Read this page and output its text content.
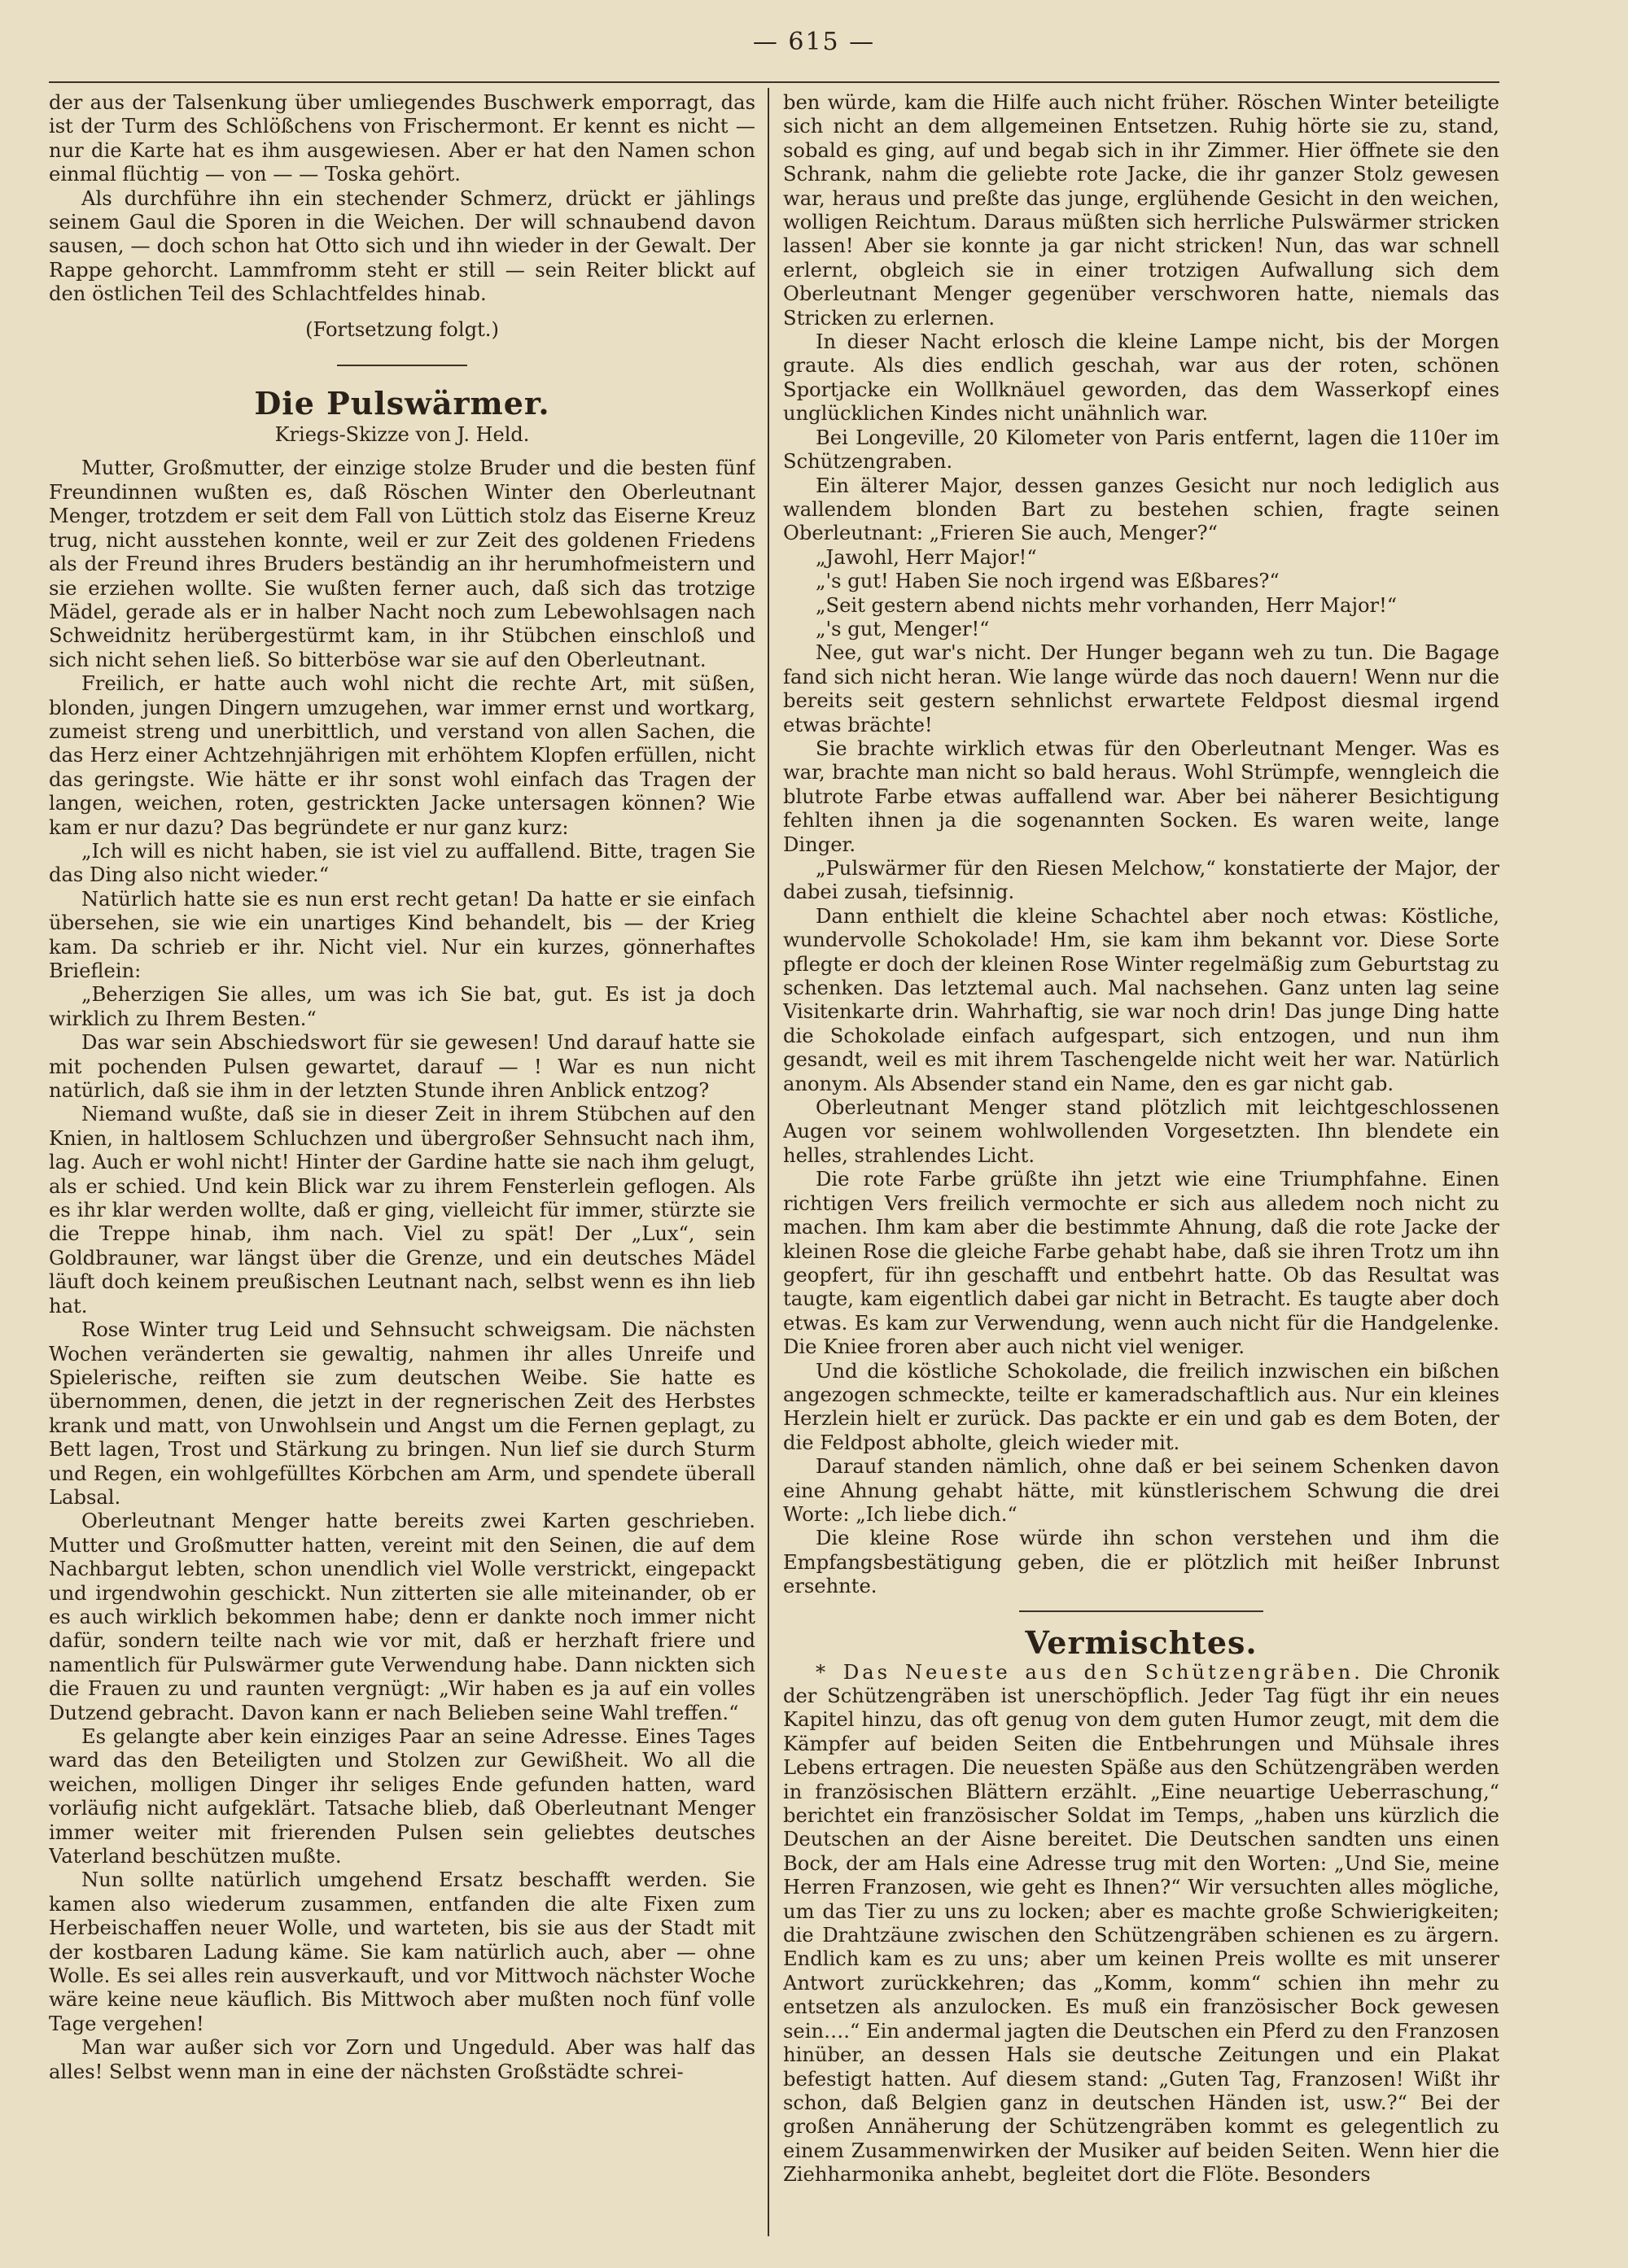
— 615 —

der aus der Talsenkung über umliegendes Buschwerk emporragt, das ist der Turm des Schlößchens von Frischermont. Er kennt es nicht — nur die Karte hat es ihm ausgewiesen. Aber er hat den Namen schon einmal flüchtig — von — — Toska gehört.

Als durchführe ihn ein stechender Schmerz, drückt er jählings seinem Gaul die Sporen in die Weichen. Der will schnaubend davon sausen, — doch schon hat Otto sich und ihn wieder in der Gewalt. Der Rappe gehorcht. Lammfromm steht er still — sein Reiter blickt auf den östlichen Teil des Schlachtfeldes hinab.

(Fortsetzung folgt.)

Die Pulswärmer.

Kriegs-Skizze von J. Held.

Mutter, Großmutter, der einzige stolze Bruder und die besten fünf Freundinnen wußten es, daß Röschen Winter den Oberleutnant Menger, trotzdem er seit dem Fall von Lüttich stolz das Eiserne Kreuz trug, nicht ausstehen konnte, weil er zur Zeit des goldenen Friedens als der Freund ihres Bruders beständig an ihr herumhofmeistern und sie erziehen wollte. Sie wußten ferner auch, daß sich das trotzige Mädel, gerade als er in halber Nacht noch zum Lebewohlsagen nach Schweidnitz herübergestürmt kam, in ihr Stübchen einschloß und sich nicht sehen ließ. So bitterböse war sie auf den Oberleutnant.

Freilich, er hatte auch wohl nicht die rechte Art, mit süßen, blonden, jungen Dingern umzugehen, war immer ernst und wortkarg, zumeist streng und unerbittlich, und verstand von allen Sachen, die das Herz einer Achtzehnjährigen mit erhöhtem Klopfen erfüllen, nicht das geringste. Wie hätte er ihr sonst wohl einfach das Tragen der langen, weichen, roten, gestrickten Jacke untersagen können? Wie kam er nur dazu? Das begründete er nur ganz kurz:

„Ich will es nicht haben, sie ist viel zu auffallend. Bitte, tragen Sie das Ding also nicht wieder.“

Natürlich hatte sie es nun erst recht getan! Da hatte er sie einfach übersehen, sie wie ein unartiges Kind behandelt, bis — der Krieg kam. Da schrieb er ihr. Nicht viel. Nur ein kurzes, gönnerhaftes Brieflein:

„Beherzigen Sie alles, um was ich Sie bat, gut. Es ist ja doch wirklich zu Ihrem Besten.“

Das war sein Abschiedswort für sie gewesen! Und darauf hatte sie mit pochenden Pulsen gewartet, darauf — ! War es nun nicht natürlich, daß sie ihm in der letzten Stunde ihren Anblick entzog?

Niemand wußte, daß sie in dieser Zeit in ihrem Stübchen auf den Knien, in haltlosem Schluchzen und übergroßer Sehnsucht nach ihm, lag. Auch er wohl nicht! Hinter der Gardine hatte sie nach ihm gelugt, als er schied. Und kein Blick war zu ihrem Fensterlein geflogen. Als es ihr klar werden wollte, daß er ging, vielleicht für immer, stürzte sie die Treppe hinab, ihm nach. Viel zu spät! Der „Lux“, sein Goldbrauner, war längst über die Grenze, und ein deutsches Mädel läuft doch keinem preußischen Leutnant nach, selbst wenn es ihn lieb hat.

Rose Winter trug Leid und Sehnsucht schweigsam. Die nächsten Wochen veränderten sie gewaltig, nahmen ihr alles Unreife und Spielerische, reiften sie zum deutschen Weibe. Sie hatte es übernommen, denen, die jetzt in der regnerischen Zeit des Herbstes krank und matt, von Unwohlsein und Angst um die Fernen geplagt, zu Bett lagen, Trost und Stärkung zu bringen. Nun lief sie durch Sturm und Regen, ein wohlgefülltes Körbchen am Arm, und spendete überall Labsal.

Oberleutnant Menger hatte bereits zwei Karten geschrieben. Mutter und Großmutter hatten, vereint mit den Seinen, die auf dem Nachbargut lebten, schon unendlich viel Wolle verstrickt, eingepackt und irgendwohin geschickt. Nun zitterten sie alle miteinander, ob er es auch wirklich bekommen habe; denn er dankte noch immer nicht dafür, sondern teilte nach wie vor mit, daß er herzhaft friere und namentlich für Pulswärmer gute Verwendung habe. Dann nickten sich die Frauen zu und raunten vergnügt: „Wir haben es ja auf ein volles Dutzend gebracht. Davon kann er nach Belieben seine Wahl treffen.“

Es gelangte aber kein einziges Paar an seine Adresse. Eines Tages ward das den Beteiligten und Stolzen zur Gewißheit. Wo all die weichen, molligen Dinger ihr seliges Ende gefunden hatten, ward vorläufig nicht aufgeklärt. Tatsache blieb, daß Oberleutnant Menger immer weiter mit frierenden Pulsen sein geliebtes deutsches Vaterland beschützen mußte.

Nun sollte natürlich umgehend Ersatz beschafft werden. Sie kamen also wiederum zusammen, entfanden die alte Fixen zum Herbeischaffen neuer Wolle, und warteten, bis sie aus der Stadt mit der kostbaren Ladung käme. Sie kam natürlich auch, aber — ohne Wolle. Es sei alles rein ausverkauft, und vor Mittwoch nächster Woche wäre keine neue käuflich. Bis Mittwoch aber mußten noch fünf volle Tage vergehen!

Man war außer sich vor Zorn und Ungeduld. Aber was half das alles! Selbst wenn man in eine der nächsten Großstädte schrei-

ben würde, kam die Hilfe auch nicht früher. Röschen Winter beteiligte sich nicht an dem allgemeinen Entsetzen. Ruhig hörte sie zu, stand, sobald es ging, auf und begab sich in ihr Zimmer. Hier öffnete sie den Schrank, nahm die geliebte rote Jacke, die ihr ganzer Stolz gewesen war, heraus und preßte das junge, erglühende Gesicht in den weichen, wolligen Reichtum. Daraus müßten sich herrliche Pulswärmer stricken lassen! Aber sie konnte ja gar nicht stricken! Nun, das war schnell erlernt, obgleich sie in einer trotzigen Aufwallung sich dem Oberleutnant Menger gegenüber verschworen hatte, niemals das Stricken zu erlernen.

In dieser Nacht erlosch die kleine Lampe nicht, bis der Morgen graute. Als dies endlich geschah, war aus der roten, schönen Sportjacke ein Wollknäuel geworden, das dem Wasserkopf eines unglücklichen Kindes nicht unähnlich war.

Bei Longeville, 20 Kilometer von Paris entfernt, lagen die 110er im Schützengraben.

Ein älterer Major, dessen ganzes Gesicht nur noch lediglich aus wallendem blonden Bart zu bestehen schien, fragte seinen Oberleutnant: „Frieren Sie auch, Menger?“

„Jawohl, Herr Major!“

„'s gut! Haben Sie noch irgend was Eßbares?“

„Seit gestern abend nichts mehr vorhanden, Herr Major!“

„'s gut, Menger!“

Nee, gut war's nicht. Der Hunger begann weh zu tun. Die Bagage fand sich nicht heran. Wie lange würde das noch dauern! Wenn nur die bereits seit gestern sehnlichst erwartete Feldpost diesmal irgend etwas brächte!

Sie brachte wirklich etwas für den Oberleutnant Menger. Was es war, brachte man nicht so bald heraus. Wohl Strümpfe, wenngleich die blutrote Farbe etwas auffallend war. Aber bei näherer Besichtigung fehlten ihnen ja die sogenannten Socken. Es waren weite, lange Dinger.

„Pulswärmer für den Riesen Melchow,“ konstatierte der Major, der dabei zusah, tiefsinnig.

Dann enthielt die kleine Schachtel aber noch etwas: Köstliche, wundervolle Schokolade! Hm, sie kam ihm bekannt vor. Diese Sorte pflegte er doch der kleinen Rose Winter regelmäßig zum Geburtstag zu schenken. Das letztemal auch. Mal nachsehen. Ganz unten lag seine Visitenkarte drin. Wahrhaftig, sie war noch drin! Das junge Ding hatte die Schokolade einfach aufgespart, sich entzogen, und nun ihm gesandt, weil es mit ihrem Taschengelde nicht weit her war. Natürlich anonym. Als Absender stand ein Name, den es gar nicht gab.

Oberleutnant Menger stand plötzlich mit leichtgeschlossenen Augen vor seinem wohlwollenden Vorgesetzten. Ihn blendete ein helles, strahlendes Licht.

Die rote Farbe grüßte ihn jetzt wie eine Triumphfahne. Einen richtigen Vers freilich vermochte er sich aus alledem noch nicht zu machen. Ihm kam aber die bestimmte Ahnung, daß die rote Jacke der kleinen Rose die gleiche Farbe gehabt habe, daß sie ihren Trotz um ihn geopfert, für ihn geschafft und entbehrt hatte. Ob das Resultat was taugte, kam eigentlich dabei gar nicht in Betracht. Es taugte aber doch etwas. Es kam zur Verwendung, wenn auch nicht für die Handgelenke. Die Kniee froren aber auch nicht viel weniger.

Und die köstliche Schokolade, die freilich inzwischen ein bißchen angezogen schmeckte, teilte er kameradschaftlich aus. Nur ein kleines Herzlein hielt er zurück. Das packte er ein und gab es dem Boten, der die Feldpost abholte, gleich wieder mit.

Darauf standen nämlich, ohne daß er bei seinem Schenken davon eine Ahnung gehabt hätte, mit künstlerischem Schwung die drei Worte: „Ich liebe dich.“

Die kleine Rose würde ihn schon verstehen und ihm die Empfangsbestätigung geben, die er plötzlich mit heißer Inbrunst ersehnte.

Vermischtes.

* Das Neueste aus den Schützengräben. Die Chronik der Schützengräben ist unerschöpflich. Jeder Tag fügt ihr ein neues Kapitel hinzu, das oft genug von dem guten Humor zeugt, mit dem die Kämpfer auf beiden Seiten die Entbehrungen und Mühsale ihres Lebens ertragen. Die neuesten Späße aus den Schützengräben werden in französischen Blättern erzählt. „Eine neuartige Ueberraschung,“ berichtet ein französischer Soldat im Temps, „haben uns kürzlich die Deutschen an der Aisne bereitet. Die Deutschen sandten uns einen Bock, der am Hals eine Adresse trug mit den Worten: „Und Sie, meine Herren Franzosen, wie geht es Ihnen?“ Wir versuchten alles mögliche, um das Tier zu uns zu locken; aber es machte große Schwierigkeiten; die Drahtzäune zwischen den Schützengräben schienen es zu ärgern. Endlich kam es zu uns; aber um keinen Preis wollte es mit unserer Antwort zurückkehren; das „Komm, komm“ schien ihn mehr zu entsetzen als anzulocken. Es muß ein französischer Bock gewesen sein….“ Ein andermal jagten die Deutschen ein Pferd zu den Franzosen hinüber, an dessen Hals sie deutsche Zeitungen und ein Plakat befestigt hatten. Auf diesem stand: „Guten Tag, Franzosen! Wißt ihr schon, daß Belgien ganz in deutschen Händen ist, usw.?“ Bei der großen Annäherung der Schützengräben kommt es gelegentlich zu einem Zusammenwirken der Musiker auf beiden Seiten. Wenn hier die Ziehharmonika anhebt, begleitet dort die Flöte. Besonders
